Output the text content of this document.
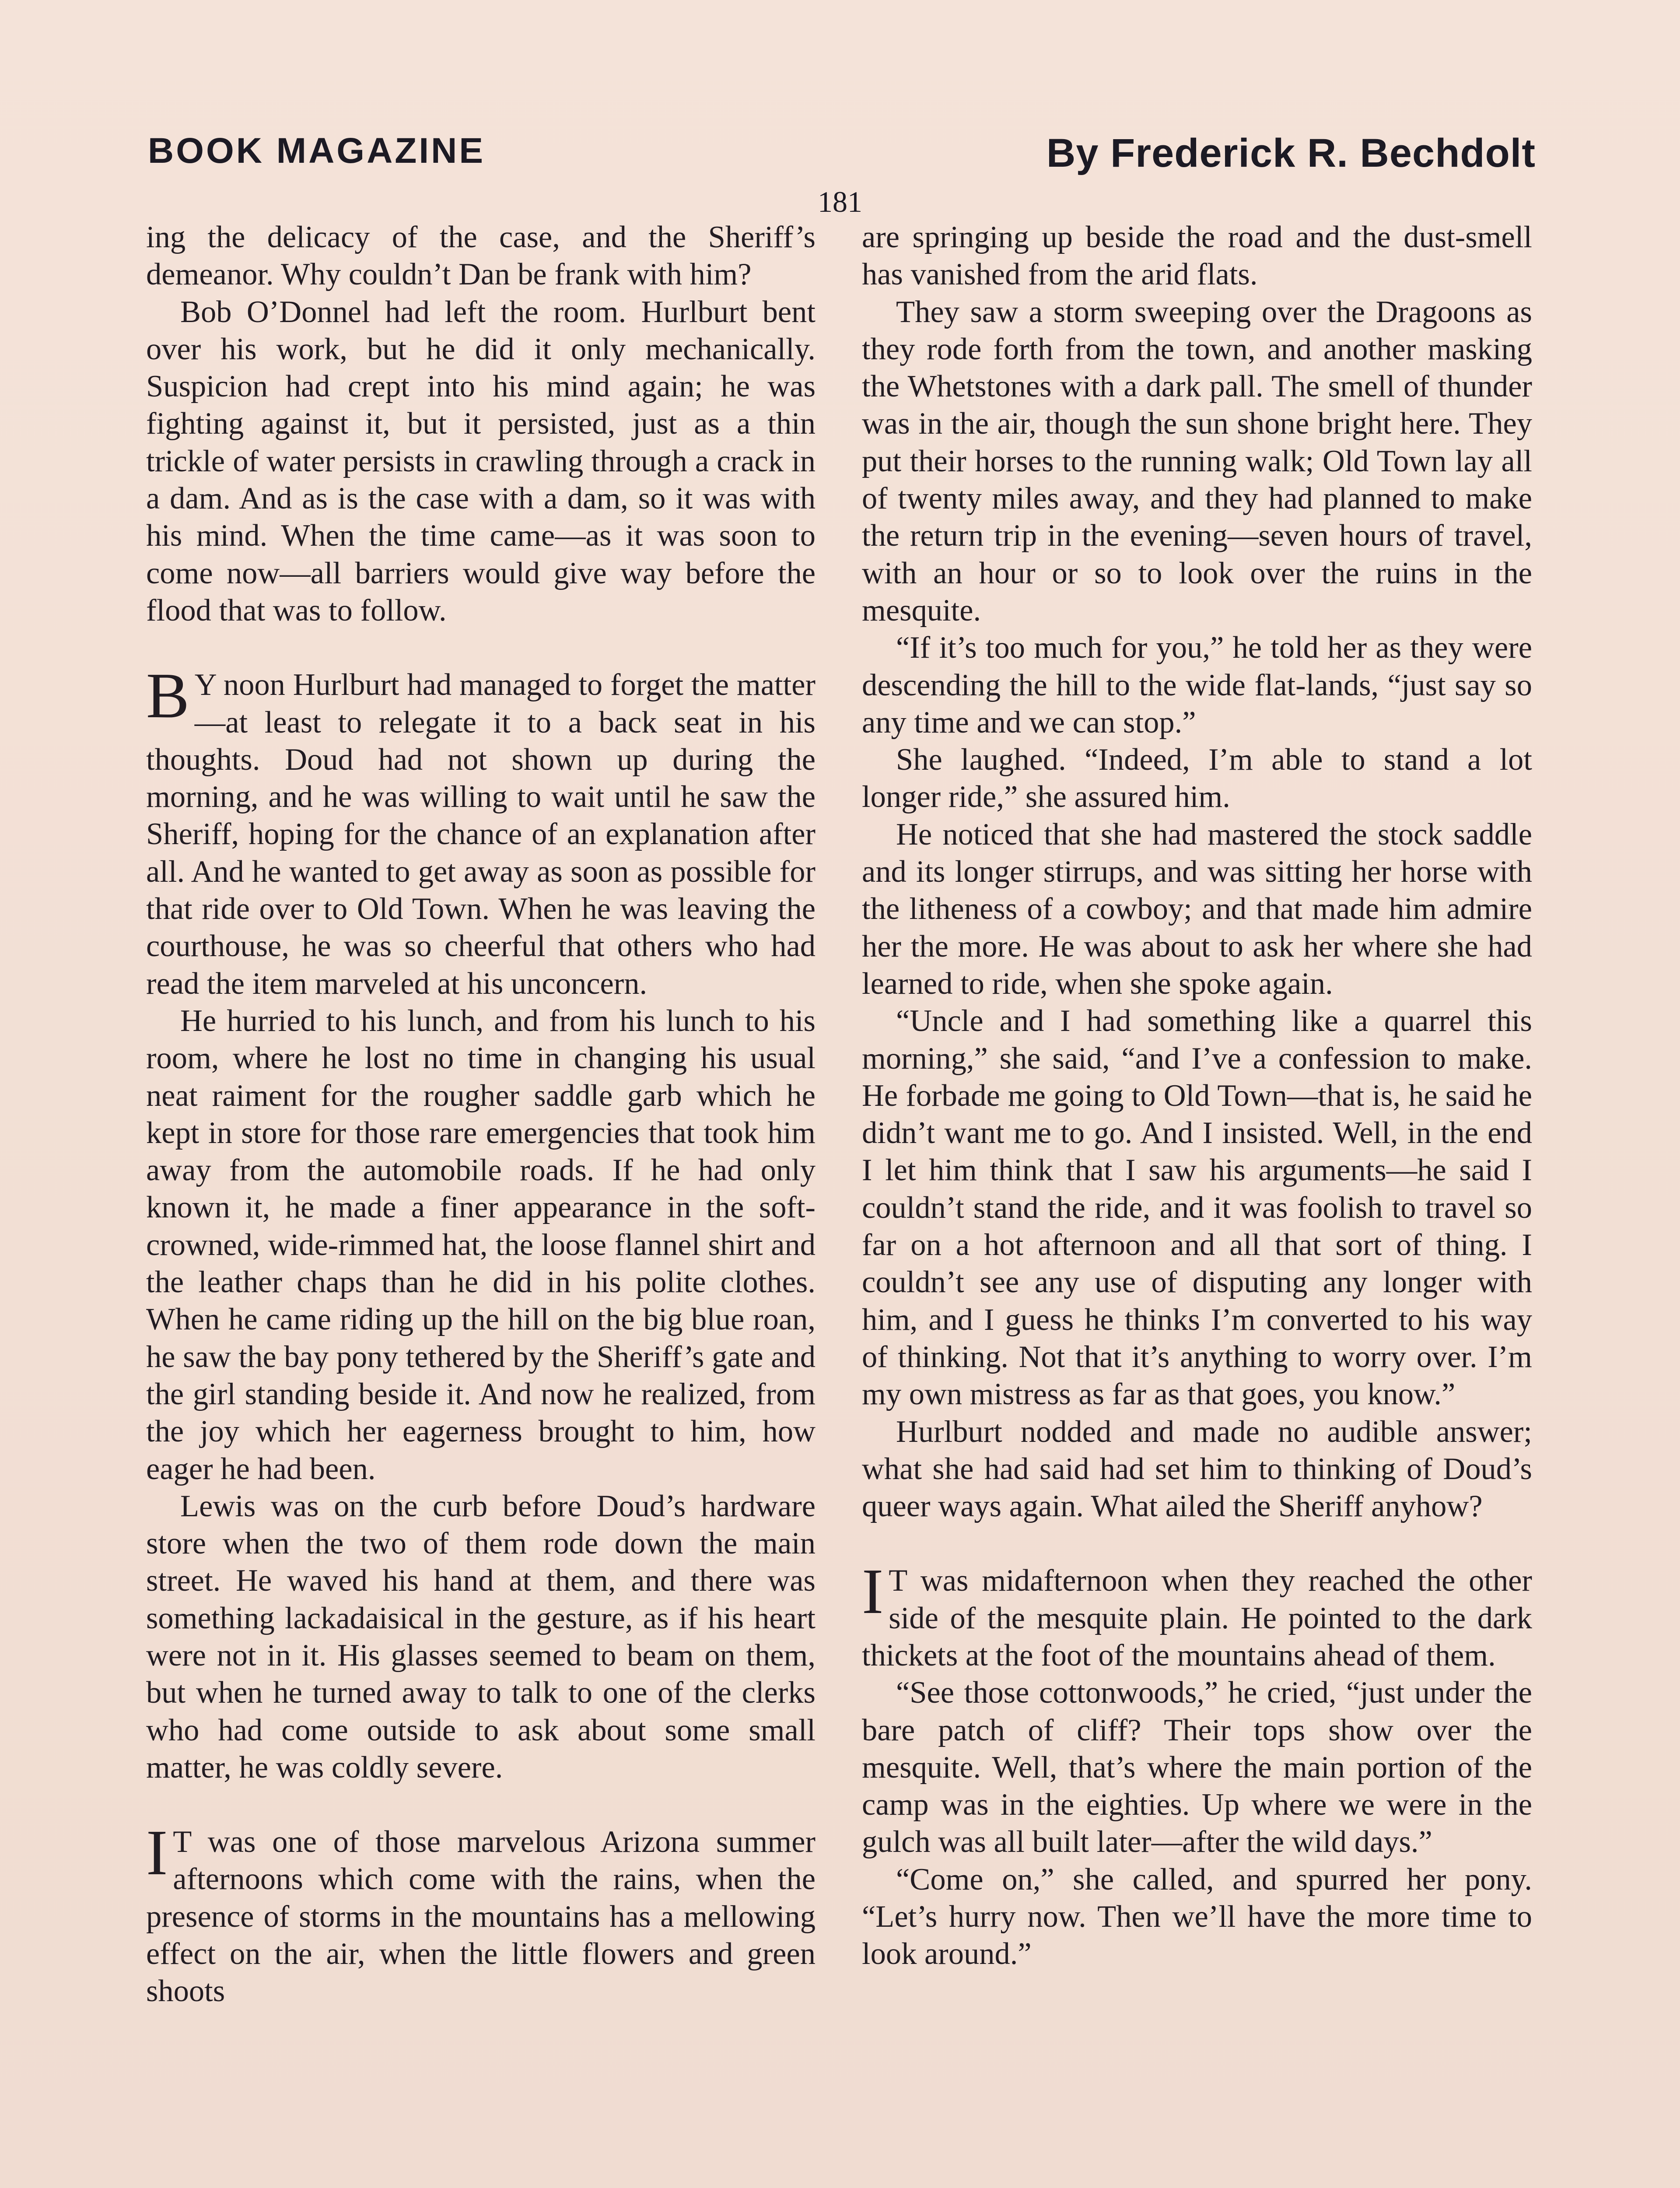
BOOK MAGAZINE	By Frederick R. Bechdolt
181

ing the delicacy of the case, and the Sheriff’s demeanor. Why couldn’t Dan be frank with him?

Bob O’Donnel had left the room. Hurlburt bent over his work, but he did it only mechanically. Suspicion had crept into his mind again; he was fighting against it, but it persisted, just as a thin trickle of water persists in crawling through a crack in a dam. And as is the case with a dam, so it was with his mind. When the time came—as it was soon to come now—all barriers would give way before the flood that was to follow.

B Y noon Hurlburt had managed to forget the matter—at least to relegate it to a back seat in his thoughts. Doud had not shown up during the morning, and he was willing to wait until he saw the Sheriff, hoping for the chance of an explanation after all. And he wanted to get away as soon as possible for that ride over to Old Town. When he was leaving the courthouse, he was so cheerful that others who had read the item marveled at his unconcern.

He hurried to his lunch, and from his lunch to his room, where he lost no time in changing his usual neat raiment for the rougher saddle garb which he kept in store for those rare emergencies that took him away from the automobile roads. If he had only known it, he made a finer appearance in the soft-crowned, wide-rimmed hat, the loose flannel shirt and the leather chaps than he did in his polite clothes. When he came riding up the hill on the big blue roan, he saw the bay pony tethered by the Sheriff’s gate and the girl standing beside it. And now he realized, from the joy which her eagerness brought to him, how eager he had been.

Lewis was on the curb before Doud’s hardware store when the two of them rode down the main street. He waved his hand at them, and there was something lackadaisical in the gesture, as if his heart were not in it. His glasses seemed to beam on them, but when he turned away to talk to one of the clerks who had come outside to ask about some small matter, he was coldly severe.

I T was one of those marvelous Arizona summer afternoons which come with the rains, when the presence of storms in the mountains has a mellowing effect on the air, when the little flowers and green shoots

are springing up beside the road and the dust-smell has vanished from the arid flats.

They saw a storm sweeping over the Dragoons as they rode forth from the town, and another masking the Whetstones with a dark pall. The smell of thunder was in the air, though the sun shone bright here. They put their horses to the running walk; Old Town lay all of twenty miles away, and they had planned to make the return trip in the evening—seven hours of travel, with an hour or so to look over the ruins in the mesquite.

“If it’s too much for you,” he told her as they were descending the hill to the wide flat-lands, “just say so any time and we can stop.”

She laughed. “Indeed, I’m able to stand a lot longer ride,” she assured him.

He noticed that she had mastered the stock saddle and its longer stirrups, and was sitting her horse with the litheness of a cowboy; and that made him admire her the more. He was about to ask her where she had learned to ride, when she spoke again.

“Uncle and I had something like a quarrel this morning,” she said, “and I’ve a confession to make. He forbade me going to Old Town—that is, he said he didn’t want me to go. And I insisted. Well, in the end I let him think that I saw his arguments—he said I couldn’t stand the ride, and it was foolish to travel so far on a hot afternoon and all that sort of thing. I couldn’t see any use of disputing any longer with him, and I guess he thinks I’m converted to his way of thinking. Not that it’s anything to worry over. I’m my own mistress as far as that goes, you know.”

Hurlburt nodded and made no audible answer; what she had said had set him to thinking of Doud’s queer ways again. What ailed the Sheriff anyhow?

I T was midafternoon when they reached the other side of the mesquite plain. He pointed to the dark thickets at the foot of the mountains ahead of them.

“See those cottonwoods,” he cried, “just under the bare patch of cliff? Their tops show over the mesquite. Well, that’s where the main portion of the camp was in the eighties. Up where we were in the gulch was all built later—after the wild days.”

“Come on,” she called, and spurred her pony. “Let’s hurry now. Then we’ll have the more time to look around.”
